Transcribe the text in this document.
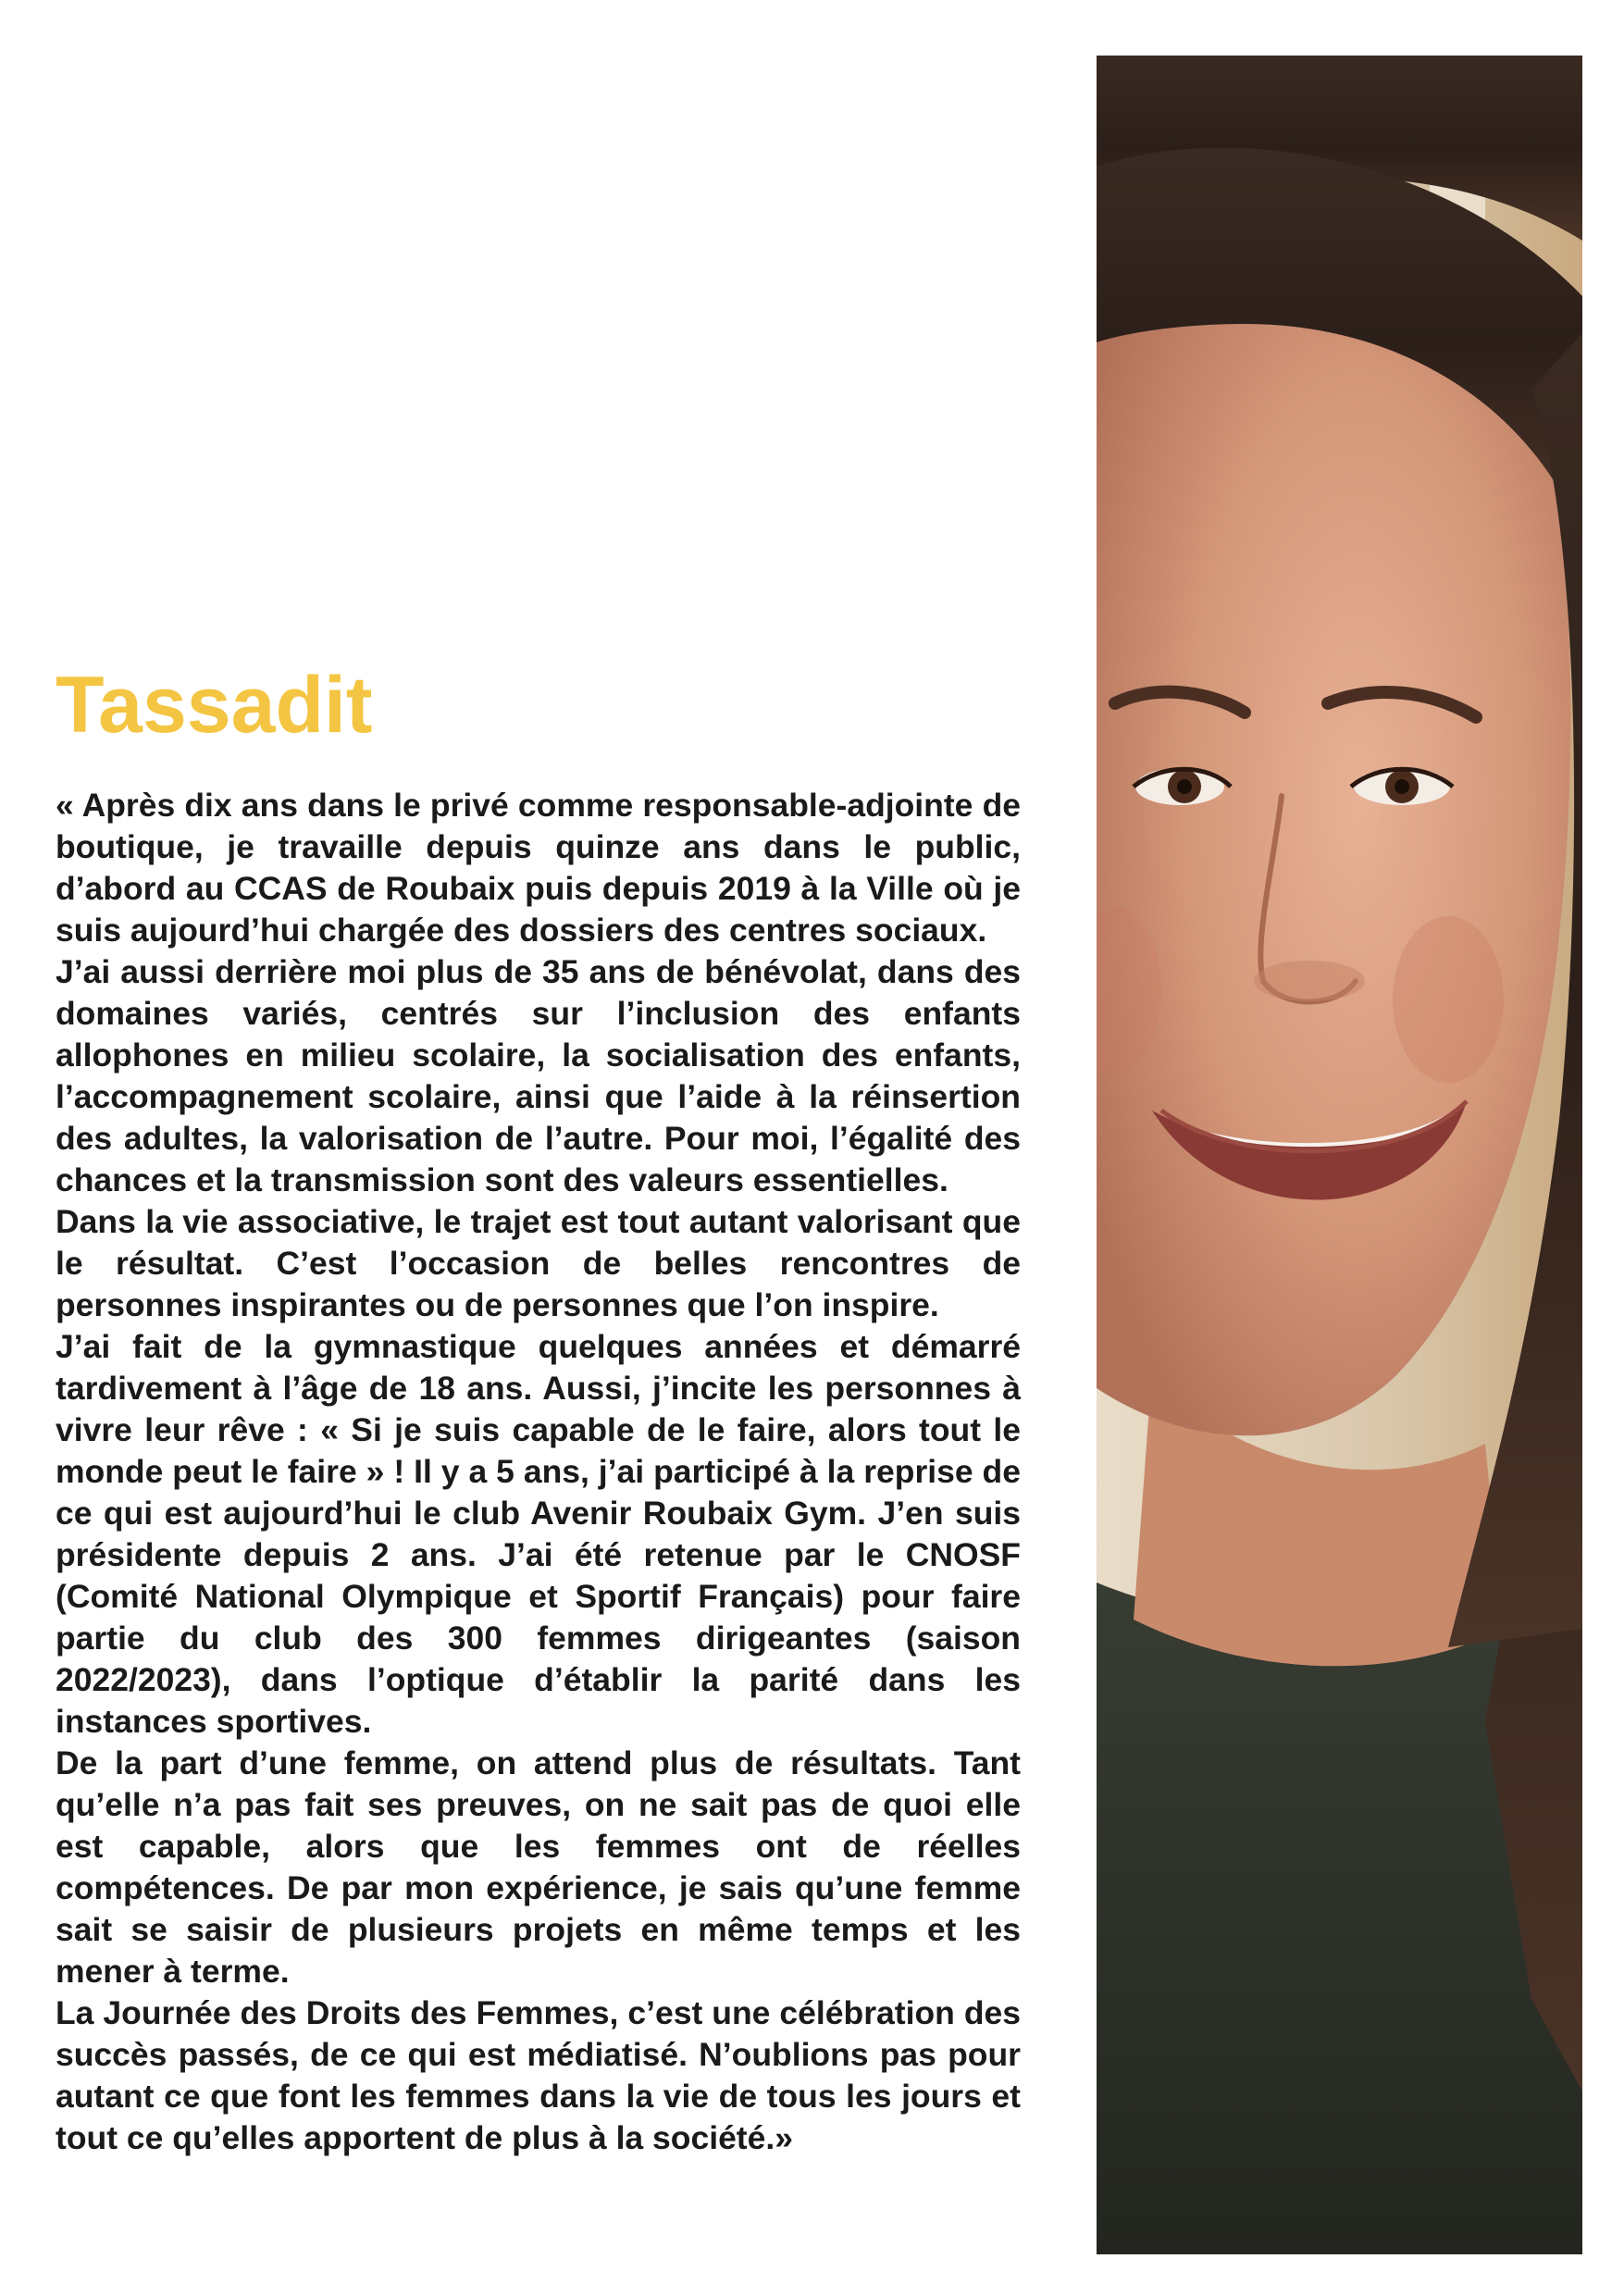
Tassadit

« Après dix ans dans le privé comme responsable-adjointe de boutique, je travaille depuis quinze ans dans le public, d’abord au CCAS de Roubaix puis depuis 2019 à la Ville où je suis aujourd’hui chargée des dossiers des centres sociaux.

J’ai aussi derrière moi plus de 35 ans de bénévolat, dans des domaines variés, centrés sur l’inclusion des enfants allophones en milieu scolaire, la socialisation des enfants, l’accompagnement scolaire, ainsi que l’aide à la réinsertion des adultes, la valorisation de l’autre. Pour moi, l’égalité des chances et la transmission sont des valeurs essentielles.

Dans la vie associative, le trajet est tout autant valorisant que le résultat. C’est l’occasion de belles rencontres de personnes inspirantes ou de personnes que l’on inspire.

J’ai fait de la gymnastique quelques années et démarré tardivement à l’âge de 18 ans. Aussi, j’incite les personnes à vivre leur rêve : « Si je suis capable de le faire, alors tout le monde peut le faire » ! Il y a 5 ans, j’ai participé à la reprise de ce qui est aujourd’hui le club Avenir Roubaix Gym. J’en suis présidente depuis 2 ans. J’ai été retenue par le CNOSF (Comité National Olympique et Sportif Français) pour faire partie du club des 300 femmes dirigeantes (saison 2022/2023), dans l’optique d’établir la parité dans les instances sportives.

De la part d’une femme, on attend plus de résultats. Tant qu’elle n’a pas fait ses preuves, on ne sait pas de quoi elle est capable, alors que les femmes ont de réelles compétences. De par mon expérience, je sais qu’une femme sait se saisir de plusieurs projets en même temps et les mener à terme.

La Journée des Droits des Femmes, c’est une célébration des succès passés, de ce qui est médiatisé. N’oublions pas pour autant ce que font les femmes dans la vie de tous les jours et tout ce qu’elles apportent de plus à la société.»
